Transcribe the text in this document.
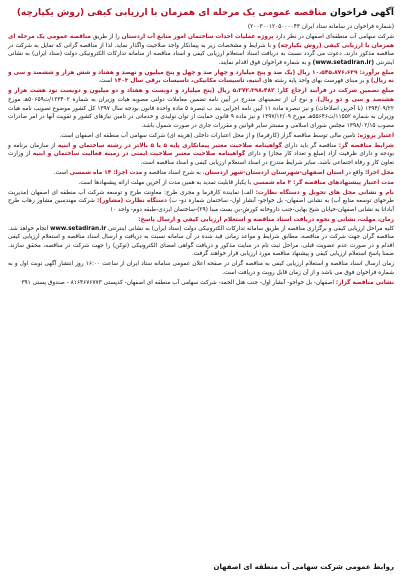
آگهی فراخوان مناقصه عمومی یک مرحله ای همزمان با ارزیابی کیفی (روش یکپارچه)
(شماره فراخوان در سامانه ستاد ایران ۲۰۰۳۰۰۱۲۰۵۰۰۰۰۴۳)
شرکت سهامی آب منطقه‌ای اصفهان در نظر دارد پروژه عملیات احداث ساختمان امور منابع آب اردستان را از طریق مناقصه عمومی یک مرحله ای همزمان با ارزیابی کیفی (روش یکپارچه) و با شرایط و مشخصات زیر به پیمانکار واجد صلاحیت واگذار نماید. لذا از مناقصه گرانی که تمایل به شرکت در مناقصه مذکور دارند، دعوت می گردد نسبت به دریافت اسناد استعلام ارزیابی کیفی و اسناد مناقصه از سامانه تدارکات الکترونیکی دولت (ستاد ایران) به نشانی اینترنتی (www.setadiran.ir) و به شماره فراخوان فوق اقدام نمایند.
مبلغ برآورد: ۱۰،۵۴۵،۸۷۶،۶۳۹ ریال (یک صد و پنج میلیارد و چهار صد و چهل و پنج میلیون و نهصد و هفتاد و شش هزار و ششصد و سی و نه ریال) و بر مبنای فهرست بهای واحد پایه رشته های ابنیه، تاسیسات مکانیکی، تاسیسات برقی سال ۱۴۰۳ است.
مبلغ تضمین شرکت در فرآیند ارجاع کار: ۵،۲۷۲،۳۹۸،۴۸۲ ریال (پنج میلیارد و دویست و هفتاد و دو میلیون و دویست نود هشت هزار و هشتصد و سی و دو ریال)، و نوع آن از تضمینهای مندرج در آیین نامه تضمین معاملات دولتی مصوبه هیات وزیران به شماره ۱۲۳۴۰۲/ت۵۰۶۵۹هـ مورخ ۱۳۹۴/۰۹/۲۲ (با آخرین اصلاحات) و نیز تبصره ماده ۱۱ آیین نامه اجرایی بند ب تبصره ۵ ماده واحده قانون بودجه سال ۱۳۹۷ کل کشور موضوع تصویب نامه هیات وزیران به شماره ۱۱۵۵۲/ت۵۵۶۴۶هـ مورخ ۱۳۹۷/۱۲/۰۹ و نیز ماده ۹ قانون حمایت از توان تولیدی و خدماتی در تامین نیازهای کشور و تقویت آنها در امر صادرات مصوب ۱۳۹۸/۰۲/۱۵ مجلس شورای اسلامی و مستتر سایر قوانین و مقررات جاری در صورت شمول باشد.
اعتبار پروژه: تامین مالی توسط مناقصه گزار (کارفرما) و از محل اعتبارات داخلی (هزینه ای) شرکت سهامی آب منطقه ای اصفهان است.
شرایط مناقصه گر: مناقصه گر باید دارای گواهینامه صلاحیت معتبر پیمانکاری پایه ۵ یا ۵ بالاتر در رشته ساختمان و ابنیه از سازمان برنامه و بودجه و دارای ظرفیت آزاد (مبلغ و تعداد کار مجاز) و دارای گواهینامه صلاحیت معتبر صلاحیت ایمنی در زمینه فعالیت ساختمان و ابنیه از وزارت تعاون کار و رفاه اجتماعی باشد. سایر شرایط مندرج در اسناد استعلام ارزیابی کیفی و اسناد مناقصه است.
محل اجرا: واقع در استان اصفهان-شهرستان اردستان-شهر اردستان، به شرح اسناد مناقصه و مدت اجرا: ۱۴ ماه شمسی است.
مدت اعتبار پیشنهادهای مناقصه گر: ۳ ماه شمسی با یکبار قابلیت تمدید به همین مدت از آخرین مهلت ارائه پیشنهادها است.
نام و نشانی محل های تحویل و دستگاه نظارت: الف) نماینده کارفرما و مجری طرح: معاونت طرح و توسعه شرکت آب منطقه ای اصفهان (مدیریت طرحهای توسعه منابع آب) به نشانی اصفهان- بل خواجو- آبشار اول- ساختمان شماره دو- ب) دستگاه نظارت (مشاور): شرکت مهندسین مشاور رهاب طرح آبادانا به نشانی اصفهان-خیابان شیخ بهایی-جنب داروخانه کورش-بن بست مینا (۲۹)-ساختمان ایزدی-طبقه دوم- واحد ۱۰
زمان، مهلت، نشانی و نحوه دریافت اسناد مناقصه و استعلام ارزیابی کیفی و ارسال پاسخ:
کلیه مراحل ارزیابی کیفی و برگزاری مناقصه از طریق سامانه تدارکات الکترونیکی دولت (ستاد ایران) به نشانی اینترنتی www.setadiran.ir انجام خواهد شد. مناقصه گران جهت شرکت در مناقصه، مطابق شرایط و مواعد زمانی قید شده در آن سامانه نسبت به دریافت و ارسال اسناد مناقصه و استعلام ارزیابی کیفی اقدام و در صورت عدم عضویت قبلی، مراحل ثبت نام در سایت مذکور و دریافت گواهی امضای الکترونیکی (توکن) را جهت شرکت در مناقصه، محقق سازند. ضمنا پاسخ استعلام ارزیابی کیفی و پیشنهاد مناقصه مورد ارزیابی قرار خواهند گرفت.
زمان ارسال اسناد مناقصه و استعلام ارزیابی کیفی به مناقصه گران در صفحه اعلان عمومی سامانه ستاد ایران از ساعت ۱۶:۰۰ روز انتشار آگهی نوبت اول و به شماره فراخوان فوق می باشد و از آن زمان قابل رویت و دریافت است.
نشانی مناقصه گزار: اصفهان- بل خواجو- آبشار اول- جنب هتل الحمد- شرکت سهامی آب منطقه ای اصفهان- کدپستی ۸۱۶۴۶۷۶۷۷۳ - صندوق پستی ۳۹۱
روابط عمومی شرکت سهامی آب منطقه ای اصفهان
